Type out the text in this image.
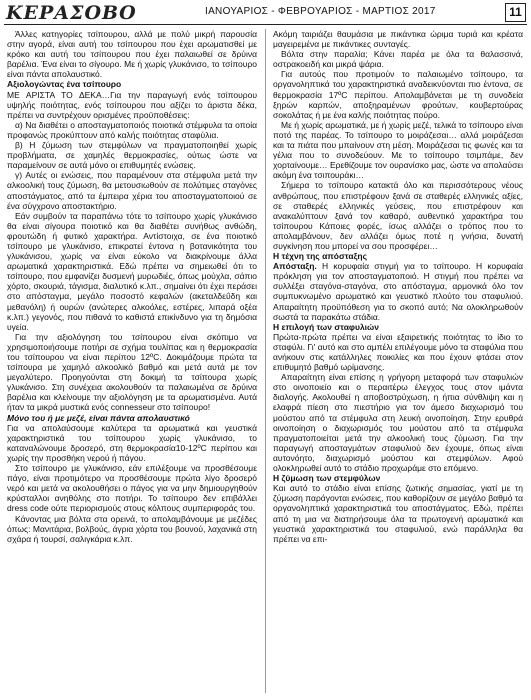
ΚΕΡΑΣΟΒΟ	ΙΑΝΟΥΑΡΙΟΣ - ΦΕΒΡΟΥΑΡΙΟΣ - ΜΑΡΤΙΟΣ 2017	11

Άλλες κατηγορίες τσίπουρου, αλλά με πολύ μικρή παρουσία στην αγορά, είναι αυτή του τσίπουρου που έχει αρωματισθεί με κρόκο και αυτή του τσίπουρου που έχει παλαιωθεί σε δρύινα βαρέλια. Ένα είναι το σίγουρο. Με ή χωρίς γλυκάνισο, το τσίπουρο είναι πάντα απολαυστικό.

Αξιολογώντας ένα τσίπουρο

ΜΕ ΑΡΙΣΤΑ ΤΟ ΔΕΚΑ…Για την παραγωγή ενός τσίπουρου υψηλής ποιότητας, ενός τσίπουρου που αξίζει το άριστα δέκα, πρέπει να συντρέχουν ορισμένες προϋποθέσεις:

α) Να διαθέτει ο αποσταγματοποιός ποιοτικά στέμφυλα τα οποία προφανώς προκύπτουν από καλής ποιότητας σταφύλια.
β) Η ζύμωση των στεμφύλων να πραγματοποιηθεί χωρίς προβλήματα, σε χαμηλές θερμοκρασίες, ούτως ώστε να παραμείνουν σε αυτά μόνο οι επιθυμητές ενώσεις.
γ) Αυτές οι ενώσεις, που παραμένουν στα στέμφυλα μετά την αλκοολική τους ζύμωση, θα μετουσιωθούν σε πολύτιμες σταγόνες αποστάγματος, από τα έμπειρα χέρια του αποσταγματοποιού σε ένα σύγχρονο αποστακτήριο.

Εάν συμβούν τα παραπάνω τότε το τσίπουρο χωρίς γλυκάνισο θα είναι σίγουρα ποιοτικό και θα διαθέτει συνήθως ανθώδη, φρουτώδη ή φυτικό χαρακτήρα. Αντίστοιχα, σε ένα ποιοτικό τσίπουρο με γλυκάνισο, επικρατεί έντονα η βοτανικότητα του γλυκάνισου, χωρίς να είναι εύκολο να διακρίνουμε άλλα αρωματικά χαρακτηριστικά. Εδώ πρέπει να σημειωθεί ότι το τσίπουρο, που εμφανίζει δυσμενή μυρωδιές, όπως μούχλα, σάπιο χόρτο, σκουριά, τάγισμα, διαλυτικό κ.λπ., σημαίνει ότι έχει περάσει στο απόσταγμα, μεγάλο ποσοστό κεφαλών (ακεταλδεΰδη και μεθανόλη) ή ουρών (ανώτερες αλκοόλες, εστέρες, λιπαρά οξέα κ.λπ.) γεγονός, που πιθανά το καθιστά επικίνδυνο για τη δημόσια υγεία.

Για την αξιολόγηση του τσίπουρου είναι σκόπιμο να χρησιμοποιήσουμε ποτήρι σε σχήμα τουλίπας και η θερμοκρασία του τσίπουρου να είναι περίπου 12ºC. Δοκιμάζουμε πρώτα τα τσίπουρα με χαμηλό αλκοολικό βαθμό και μετά αυτά με τον μεγαλύτερο. Προηγούνται στη δοκιμή τα τσίπουρα χωρίς γλυκάνισο. Στη συνέχεια ακολουθούν τα παλαιωμένα σε δρύινα βαρέλια και κλείνουμε την αξιολόγηση με τα αρωματισμένα. Αυτά ήταν τα μικρά μυστικά ενός connesseur στο τσίπουρο!

Μόνο του ή με μεζέ, είναι πάντα απολαυστικό

Για να απολαύσουμε καλύτερα τα αρωματικά και γευστικά χαρακτηριστικά του τσίπουρου χωρίς γλυκάνισο, το καταναλώνουμε δροσερό, στη θερμοκρασία10-12ºC περίπου και χωρίς την προσθήκη νερού ή πάγου.

Στο τσίπουρο με γλυκάνισο, εάν επιλέξουμε να προσθέσουμε πάγο, είναι προτιμότερο να προσθέσουμε πρώτα λίγο δροσερό νερό και μετά να ακολουθήσει ο πάγος για να μην δημιουργηθούν κρύσταλλοι ανηθόλης στο ποτήρι. Το τσίπουρο δεν επιβάλλει dress code ούτε περιορισμούς στους κόλπους συμπεριφοράς του.

Κάνοντας μια βόλτα στα ορεινά, το απολαμβάνουμε με μεζέδες όπως: Μανιτάρια, βολβούς, άγρια χόρτα του βουνού, λαχανικά στη σχάρα ή τουρσί, σαλιγκάρια κ.λπ.

Ακόμη ταιριάζει θαυμάσια με πικάντικα ώριμα τυριά και κρέατα μαγειρεμένα με πικάντικες συνταγές.

Βόλτα στην παραλία; Κάνει παρέα με όλα τα θαλασσινά, οστρακοειδή και μικρά ψάρια.

Για αυτούς που προτιμούν το παλαιωμένο τσίπουρο, τα οργανοληπτικά του χαρακτηριστικά αναδεικνύονται πιο έντονα, σε θερμοκρασία 17ºC περίπου. Απολαμβάνεται με τη συνοδεία ξηρών καρπών, αποξηραμένων φρούτων, κουβερτούρας σοκολάτας ή με ένα καλής ποιότητας πούρο.

Με ή χωρίς αρωματικά, με ή χωρίς μεζέ, τελικά το τσίπουρο είναι ποτό της παρέας. Το τσίπουρο το μοιράζεσαι… αλλά μοιράζεσαι και τα πιάτα που μπαίνουν στη μέση. Μοιράζεσαι τις φωνές και τα γέλια που το συνοδεύουν. Με το τσίπουρο τσιμπάμε, δεν χορταίνουμε… Ερεθίζουμε τον ουρανίσκο μας, ώστε να απολαύσει ακόμη ένα τσιπουράκι…

Σήμερα το τσίπουρο κατακτά όλο και περισσότερους νέους ανθρώπους, που επιστρέφουν ξανά σε σταθερές ελληνικές αξίες, σε σταθερές ελληνικές γεύσεις, που επιστρέφουν και ανακαλύπτουν ξανά τον καθαρό, αυθεντικό χαρακτήρα του τσίπουρου Κάποιες φορές, ίσως αλλάζει ο τρόπος που το απολαμβάνουν, δεν αλλάζει όμως ποτέ η γνήσια, δυνατή συγκίνηση που μπορεί να σου προσφέρει…

Η τέχνη της απόσταξης

Απόσταξη. Η κορυφαία στιγμή για το τσίπουρο. Η κορυφαία πρόκληση για τον αποσταγματοποιό. Η στιγμή που πρέπει να συλλέξει σταγόνα-σταγόνα, στο απόσταγμα, αρμονικά όλο τον συμπυκνωμένο αρωματικό και γευστικό πλούτο του σταφυλιού. Απαραίτητη προϋπόθεση για το σκοπό αυτό; Να ολοκληρωθούν σωστά τα παρακάτω στάδια.

Η επιλογή των σταφυλιών

Πρώτα-πρώτα πρέπει να είναι εξαιρετικής ποιότητας το ίδιο το σταφύλι. Γι' αυτό και στο αμπέλι επιλέγουμε μόνο τα σταφύλια που ανήκουν στις κατάλληλες ποικιλίες και που έχουν φτάσει στον επιθυμητό βαθμό ωρίμανσης.

Απαραίτητη είναι επίσης η γρήγορη μεταφορά των σταφυλιών στο οινοποιείο και ο περαιτέρω έλεγχος τους στον ιμάντα διαλογής. Ακολουθεί η αποβοστρύχωση, η ήπια σύνθλιψη και η ελαφρά πίεση στο πιεστήριο για τον άμεσο διαχωρισμό του μούστου από τα στέμφυλα στη λευκή οινοποίηση. Στην ερυθρά οινοποίηση ο διαχωρισμός του μούστου από τα στέμφυλα πραγματοποιείται μετά την αλκοολική τους ζύμωση. Για την παραγωγή αποσταγμάτων σταφυλιού δεν έχουμε, όπως είναι αυτονόητο, διαχωρισμό μούστου και στεμφύλων. Αφού ολοκληρωθεί αυτό το στάδιο προχωράμε στο επόμενο.

Η ζύμωση των στεμφύλων

Και αυτό το στάδιο είναι επίσης ζωτικής σημασίας, γιατί με τη ζύμωση παράγονται ενώσεις, που καθορίζουν σε μεγάλο βαθμό τα οργανοληπτικά χαρακτηριστικά του αποστάγματος. Εδώ, πρέπει από τη μια να διατηρήσουμε όλα τα πρωτογενή αρωματικά και γευστικά χαρακτηριστικά του σταφυλιού, ενώ παράλληλα θα πρέπει να επι-
